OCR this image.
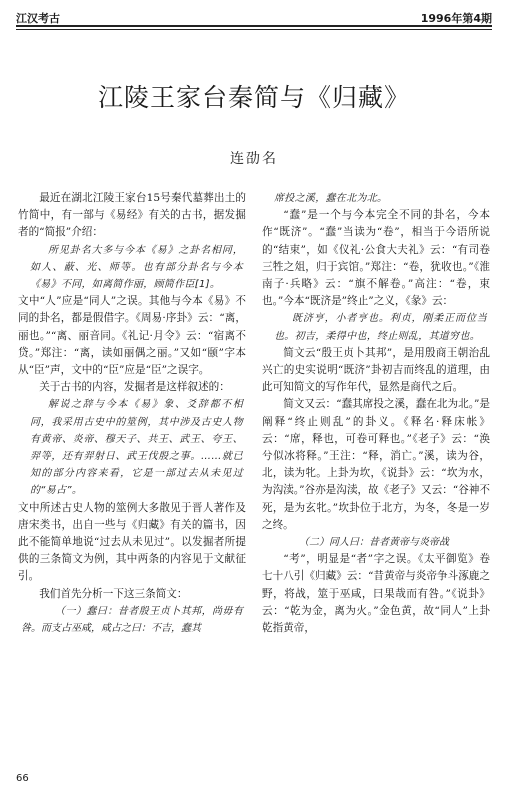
江汉考古	1996年第4期
江陵王家台秦简与《归藏》
连劭名

最近在湖北江陵王家台15号秦代墓葬出土的竹简中，有一部与《易经》有关的古书，据发掘者的“简报”介绍：

所见卦名大多与今本《易》之卦名相同，如人、蔽、光、师等。也有部分卦名与今本《易》不同，如离简作丽，顾简作臣[1]。

文中“人”应是“同人”之误。其他与今本《易》不同的卦名，都是假借字。《周易·序卦》云：“离，丽也。”“离、丽音同。《礼记·月令》云：“宿离不贷。”郑注：“离，读如丽偶之丽。”又如“颐”字本从“臣”声，文中的“臣”应是“臣”之误字。

关于古书的内容，发掘者是这样叙述的：

解说之辞与今本《易》象、爻辞都不相同，我采用古史中的筮例，其中涉及古史人物有黄帝、炎帝、穆天子、共王、武王、夸王、羿等，还有羿射日、武王伐殷之事。……就已知的部分内容来看，它是一部过去从未见过的“易占”。

文中所述古史人物的筮例大多散见于晋人著作及唐宋类书，出自一些与《归藏》有关的篇书，因此不能简单地说“过去从未见过”。以发掘者所提供的三条简文为例，其中两条的内容见于文献征引。

我们首先分析一下这三条简文：

（一）蠢曰：昔者殷王贞卜其邦，尚毋有咎。而支占巫咸，咸占之曰：不吉，蠢其

席投之溪，蠢在北为北。

“蠢”是一个与今本完全不同的卦名，今本作“既济”。“蠢”当读为“卷”，相当于今语所说的“结束”，如《仪礼·公食大夫礼》云：“有司卷三牲之俎，归于宾馆。”郑注：“卷，犹收也。”《淮南子·兵略》云：“旗不解卷。”高注：“卷，束也。”今本“既济是”终止”之义，《彖》云：

既济亨，小者亨也。利贞，刚柔正而位当也。初吉，柔得中也，终止则乱，其道穷也。

简文云“殷王贞卜其邦”，是用殷商王朝治乱兴亡的史实说明“既济”卦初吉而终乱的道理，由此可知简文的写作年代，显然是商代之后。

简文又云：“蠢其席投之溪，蠢在北为北。”是阐释“终止则乱”的卦义。《释名·释床帐》云：“席，释也，可卷可释也。”《老子》云：“涣兮似冰将释。”王注：“释，消亡。”溪，读为谷，北，读为牝。上卦为坎，《说卦》云：“坎为水，为沟渎。”谷亦是沟渎，故《老子》又云：“谷神不死，是为玄牝。”坎卦位于北方，为冬，冬是一岁之终。

（二）同人曰：昔者黄帝与炎帝战

“考”，明显是“者”字之误。《太平御览》卷七十八引《归藏》云：“昔黄帝与炎帝争斗涿鹿之野，将战，筮于巫咸，曰果哉而有咎。”《说卦》云：“乾为金，离为火。”金色黄，故“同人”上卦乾指黄帝，

66
